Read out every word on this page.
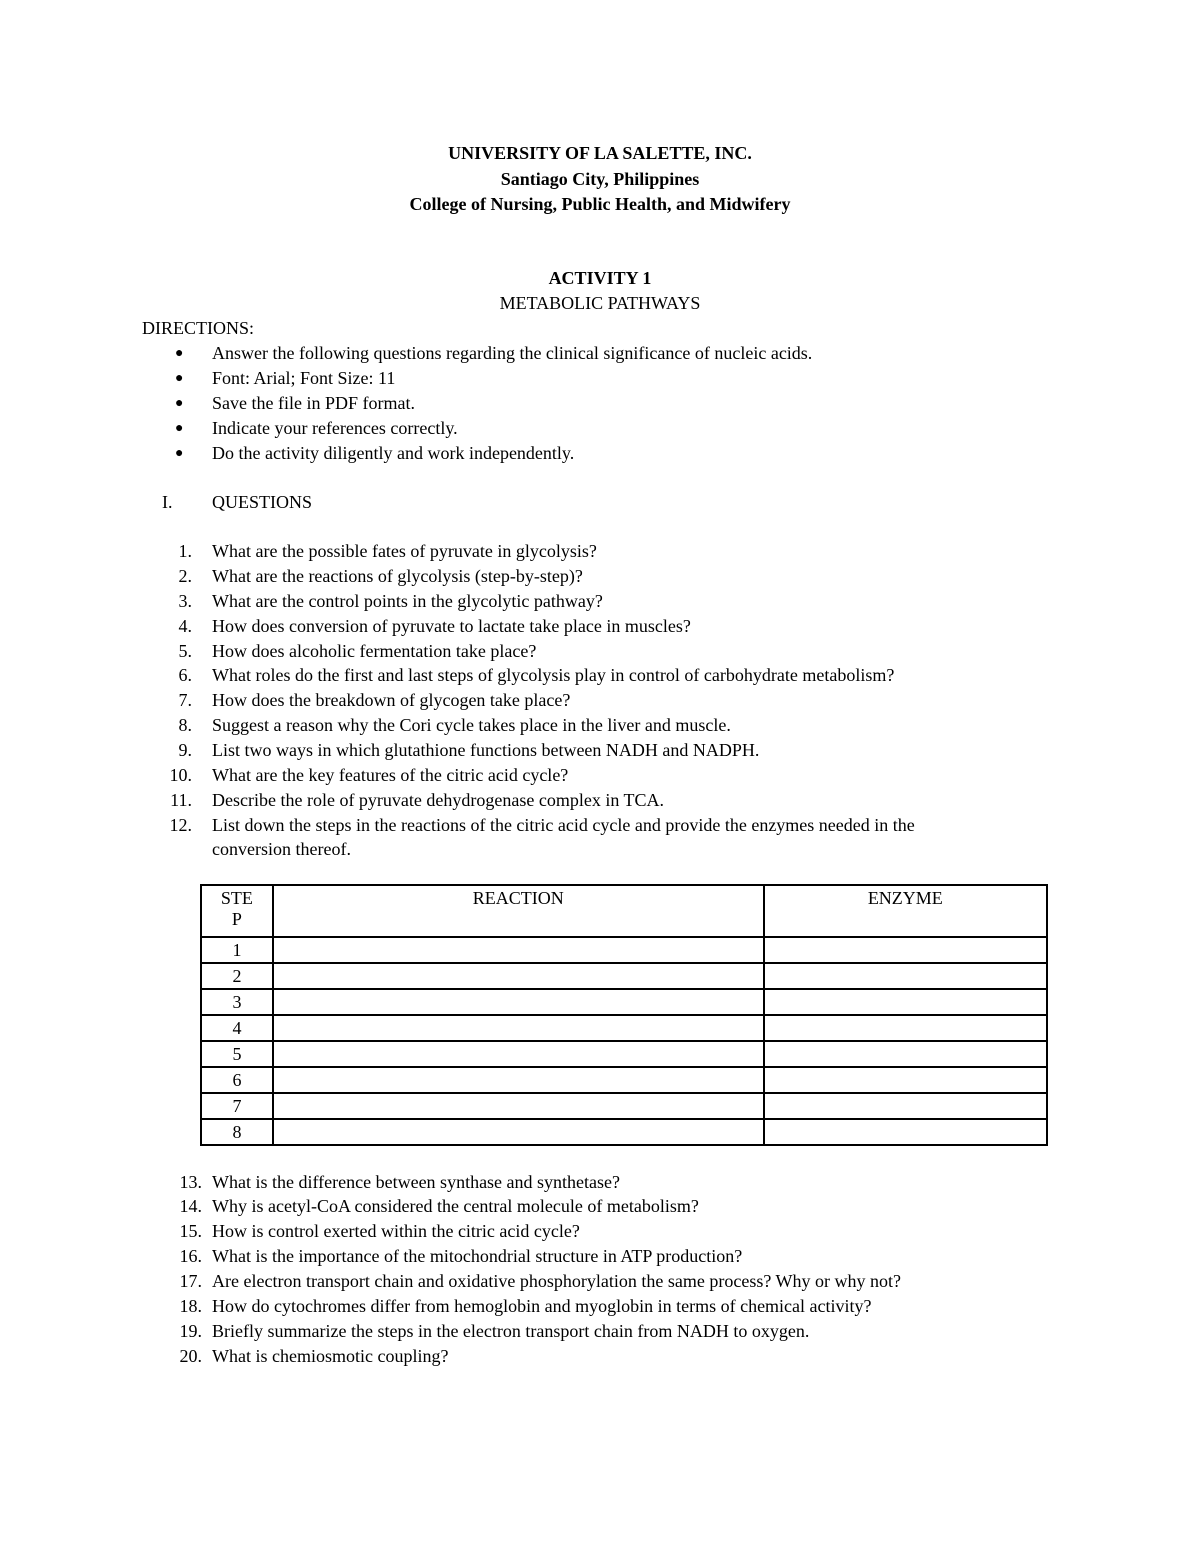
UNIVERSITY OF LA SALETTE, INC.
Santiago City, Philippines
College of Nursing, Public Health, and Midwifery
ACTIVITY 1
METABOLIC PATHWAYS
DIRECTIONS:
● Answer the following questions regarding the clinical significance of nucleic acids.
● Font: Arial; Font Size: 11
● Save the file in PDF format.
● Indicate your references correctly.
● Do the activity diligently and work independently.
I. QUESTIONS
1. What are the possible fates of pyruvate in glycolysis?
2. What are the reactions of glycolysis (step-by-step)?
3. What are the control points in the glycolytic pathway?
4. How does conversion of pyruvate to lactate take place in muscles?
5. How does alcoholic fermentation take place?
6. What roles do the first and last steps of glycolysis play in control of carbohydrate metabolism?
7. How does the breakdown of glycogen take place?
8. Suggest a reason why the Cori cycle takes place in the liver and muscle.
9. List two ways in which glutathione functions between NADH and NADPH.
10. What are the key features of the citric acid cycle?
11. Describe the role of pyruvate dehydrogenase complex in TCA.
12. List down the steps in the reactions of the citric acid cycle and provide the enzymes needed in the
conversion thereof.
STE
P	REACTION	ENZYME
1		
2		
3		
4		
5		
6		
7		
8		
13. What is the difference between synthase and synthetase?
14. Why is acetyl-CoA considered the central molecule of metabolism?
15. How is control exerted within the citric acid cycle?
16. What is the importance of the mitochondrial structure in ATP production?
17. Are electron transport chain and oxidative phosphorylation the same process? Why or why not?
18. How do cytochromes differ from hemoglobin and myoglobin in terms of chemical activity?
19. Briefly summarize the steps in the electron transport chain from NADH to oxygen.
20. What is chemiosmotic coupling?
